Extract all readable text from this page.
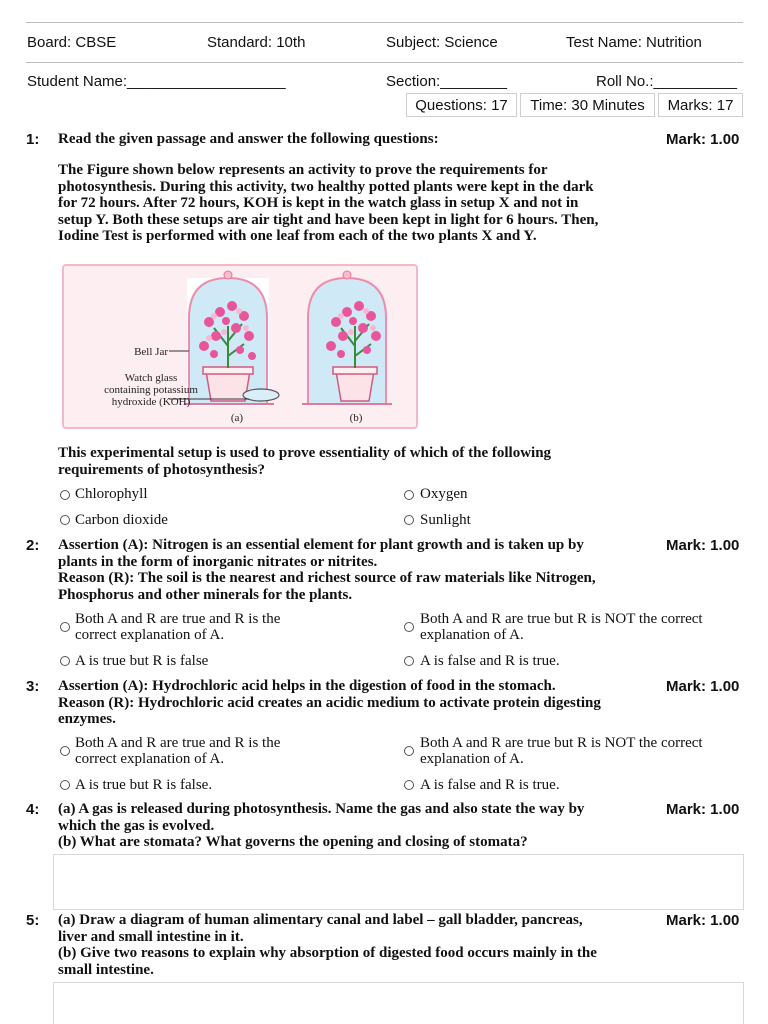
Board: CBSE	Standard: 10th	Subject: Science	Test Name: Nutrition
Student Name:___________________	Section:________	Roll No.:__________
Questions: 17	Time: 30 Minutes	Marks: 17
1:	Mark: 1.00
Read the given passage and answer the following questions:
The Figure shown below represents an activity to prove the requirements for
photosynthesis. During this activity, two healthy potted plants were kept in the dark
for 72 hours. After 72 hours, KOH is kept in the watch glass in setup X and not in
setup Y. Both these setups are air tight and have been kept in light for 6 hours. Then,
Iodine Test is performed with one leaf from each of the two plants X and Y.
Bell Jar
Watch glass
containing potassium
hydroxide (KOH)
(a)	(b)
This experimental setup is used to prove essentiality of which of the following
requirements of photosynthesis?
Chlorophyll	Oxygen
Carbon dioxide	Sunlight
2:	Mark: 1.00
Assertion (A): Nitrogen is an essential element for plant growth and is taken up by
plants in the form of inorganic nitrates or nitrites.
Reason (R): The soil is the nearest and richest source of raw materials like Nitrogen,
Phosphorus and other minerals for the plants.
Both A and R are true and R is the
correct explanation of A.
Both A and R are true but R is NOT the correct
explanation of A.
A is true but R is false	A is false and R is true.
3:	Mark: 1.00
Assertion (A): Hydrochloric acid helps in the digestion of food in the stomach.
Reason (R): Hydrochloric acid creates an acidic medium to activate protein digesting
enzymes.
Both A and R are true and R is the
correct explanation of A.
Both A and R are true but R is NOT the correct
explanation of A.
A is true but R is false.	A is false and R is true.
4:	Mark: 1.00
(a) A gas is released during photosynthesis. Name the gas and also state the way by
which the gas is evolved.
(b) What are stomata? What governs the opening and closing of stomata?
5:	Mark: 1.00
(a) Draw a diagram of human alimentary canal and label – gall bladder, pancreas,
liver and small intestine in it.
(b) Give two reasons to explain why absorption of digested food occurs mainly in the
small intestine.
